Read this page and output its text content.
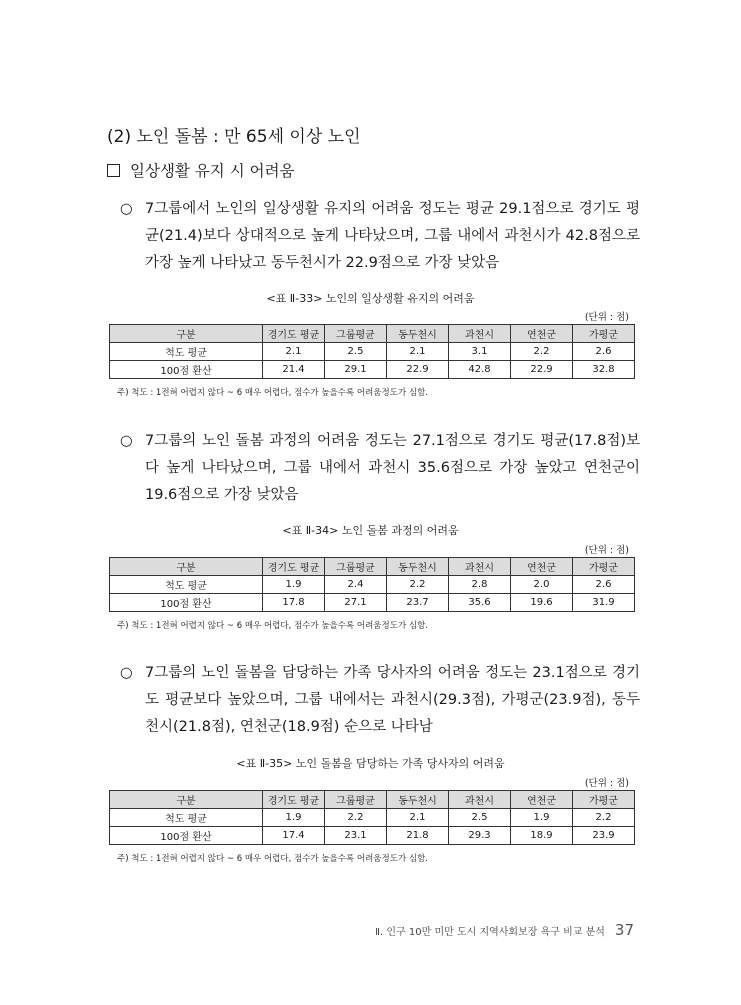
(2) 노인 돌봄 : 만 65세 이상 노인
일상생활 유지 시 어려움
○ 7그룹에서 노인의 일상생활 유지의 어려움 정도는 평균 29.1점으로 경기도 평균(21.4)보다 상대적으로 높게 나타났으며, 그룹 내에서 과천시가 42.8점으로 가장 높게 나타났고 동두천시가 22.9점으로 가장 낮았음
<표 Ⅱ-33> 노인의 일상생활 유지의 어려움
(단위 : 점)
구분	경기도 평균	그룹평균	동두천시	과천시	연천군	가평군
척도 평균	2.1	2.5	2.1	3.1	2.2	2.6
100점 환산	21.4	29.1	22.9	42.8	22.9	32.8
주) 척도 : 1전혀 어렵지 않다 ~ 6 매우 어렵다, 점수가 높을수록 어려움정도가 심함.
○ 7그룹의 노인 돌봄 과정의 어려움 정도는 27.1점으로 경기도 평균(17.8점)보다 높게 나타났으며, 그룹 내에서 과천시 35.6점으로 가장 높았고 연천군이 19.6점으로 가장 낮았음
<표 Ⅱ-34> 노인 돌봄 과정의 어려움
(단위 : 점)
구분	경기도 평균	그룹평균	동두천시	과천시	연천군	가평군
척도 평균	1.9	2.4	2.2	2.8	2.0	2.6
100점 환산	17.8	27.1	23.7	35.6	19.6	31.9
주) 척도 : 1전혀 어렵지 않다 ~ 6 매우 어렵다, 점수가 높을수록 어려움정도가 심함.
○ 7그룹의 노인 돌봄을 담당하는 가족 당사자의 어려움 정도는 23.1점으로 경기도 평균보다 높았으며, 그룹 내에서는 과천시(29.3점), 가평군(23.9점), 동두천시(21.8점), 연천군(18.9점) 순으로 나타남
<표 Ⅱ-35> 노인 돌봄을 담당하는 가족 당사자의 어려움
(단위 : 점)
구분	경기도 평균	그룹평균	동두천시	과천시	연천군	가평군
척도 평균	1.9	2.2	2.1	2.5	1.9	2.2
100점 환산	17.4	23.1	21.8	29.3	18.9	23.9
주) 척도 : 1전혀 어렵지 않다 ~ 6 매우 어렵다, 점수가 높을수록 어려움정도가 심함.
Ⅱ. 인구 10만 미만 도시 지역사회보장 욕구 비교 분석 37
